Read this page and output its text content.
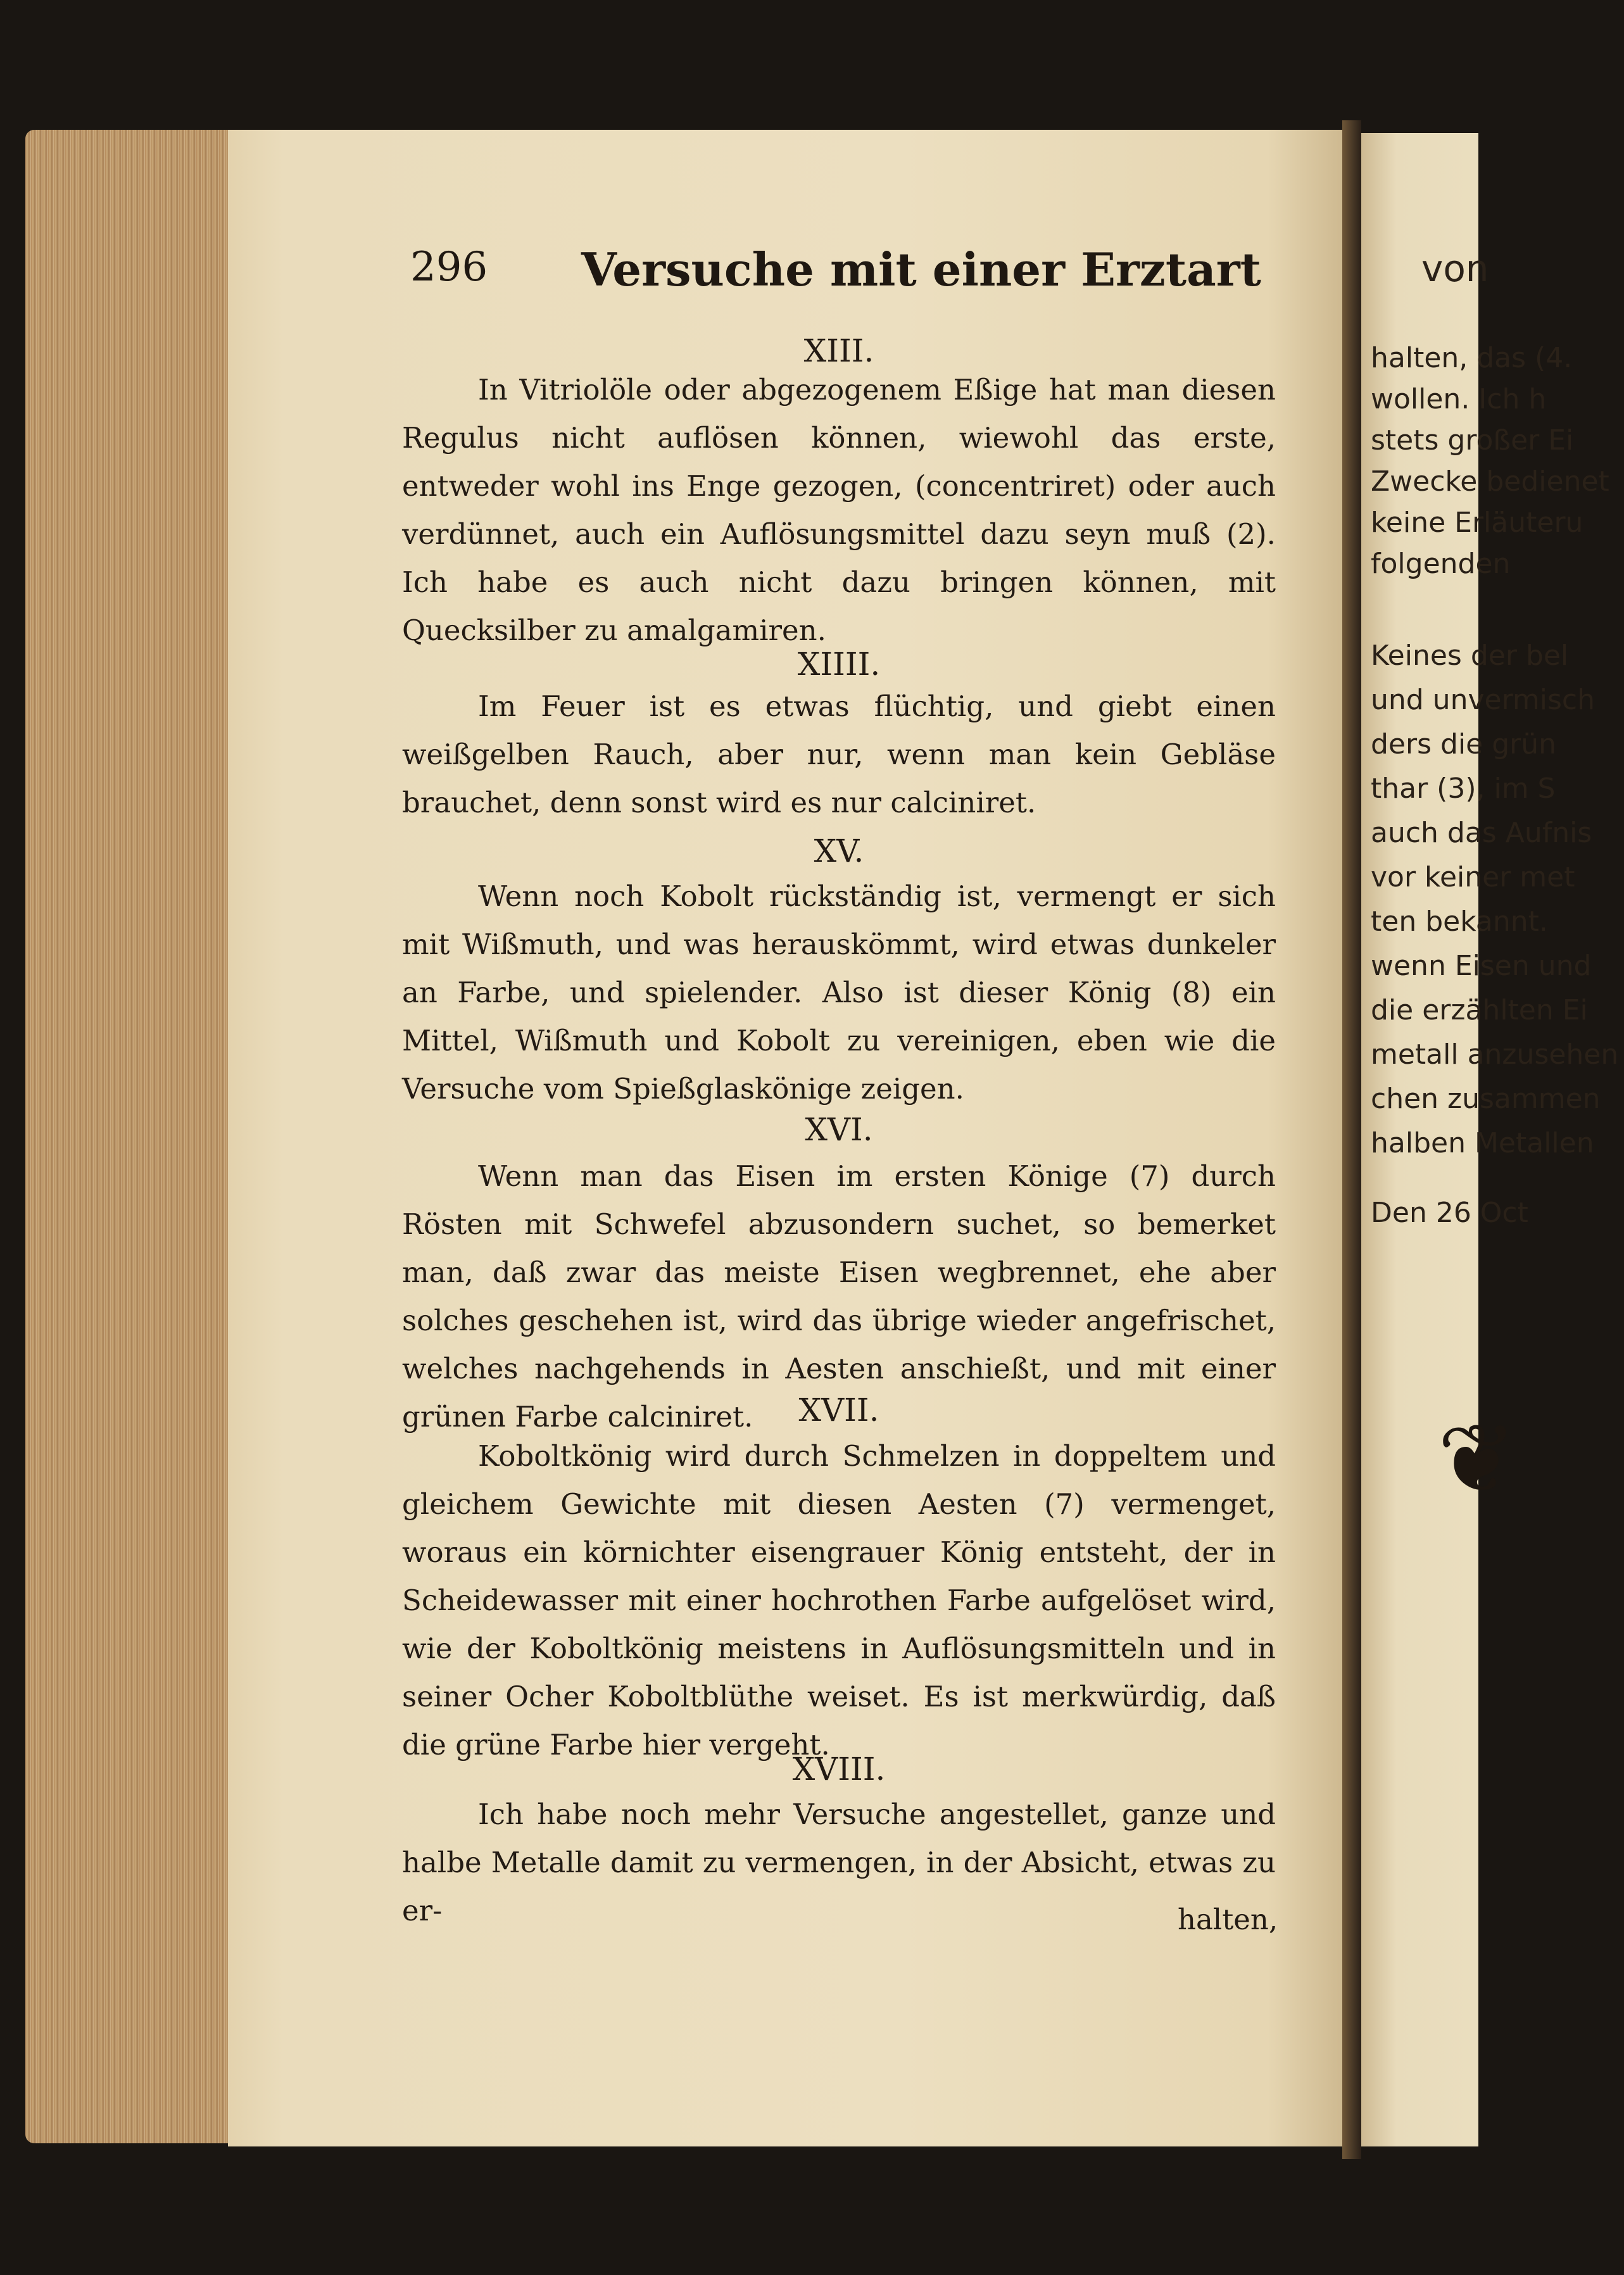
296 Versuche mit einer Erztart
XIII.

In Vitriolöle oder abgezogenem Eßige hat man diesen Regulus nicht auflösen können, wiewohl das erste, entweder wohl ins Enge gezogen, (concentriret) oder auch verdünnet, auch ein Auflösungsmittel dazu seyn muß (2). Ich habe es auch nicht dazu bringen können, mit Quecksilber zu amalgamiren.

XIIII.

Im Feuer ist es etwas flüchtig, und giebt einen weißgelben Rauch, aber nur, wenn man kein Gebläse brauchet, denn sonst wird es nur calciniret.

XV.

Wenn noch Kobolt rückständig ist, vermengt er sich mit Wißmuth, und was herauskömmt, wird etwas dunkeler an Farbe, und spielender. Also ist dieser König (8) ein Mittel, Wißmuth und Kobolt zu vereinigen, eben wie die Versuche vom Spießglaskönige zeigen.

XVI.

Wenn man das Eisen im ersten Könige (7) durch Rösten mit Schwefel abzusondern suchet, so bemerket man, daß zwar das meiste Eisen wegbrennet, ehe aber solches geschehen ist, wird das übrige wieder angefrischet, welches nachgehends in Aesten anschießt, und mit einer grünen Farbe calciniret.	XVII.

Koboltkönig wird durch Schmelzen in doppeltem und gleichem Gewichte mit diesen Aesten (7) vermenget, woraus ein körnichter eisengrauer König entsteht, der in Scheidewasser mit einer hochrothen Farbe aufgelöset wird, wie der Koboltkönig meistens in Auflösungsmitteln und in seiner Ocher Koboltblüthe weiset. Es ist merkwürdig, daß die grüne Farbe hier vergeht.

XVIII.

Ich habe noch mehr Versuche angestellet, ganze und halbe Metalle damit zu vermengen, in der Absicht, etwas zu er-	halten,
von
halten, das (4.
wollen. Ich h
stets großer Ei
Zwecke bedienet
keine Erläuteru
folgenden
Keines der bel
und unvermisch
ders die grün
thar (3), im S
auch das Aufnis
vor keiner met
ten bekannt.
wenn Eisen und
die erzählten Ei
metall anzusehen
chen zusammen
halben Metallen
Den 26 Oct
❦
